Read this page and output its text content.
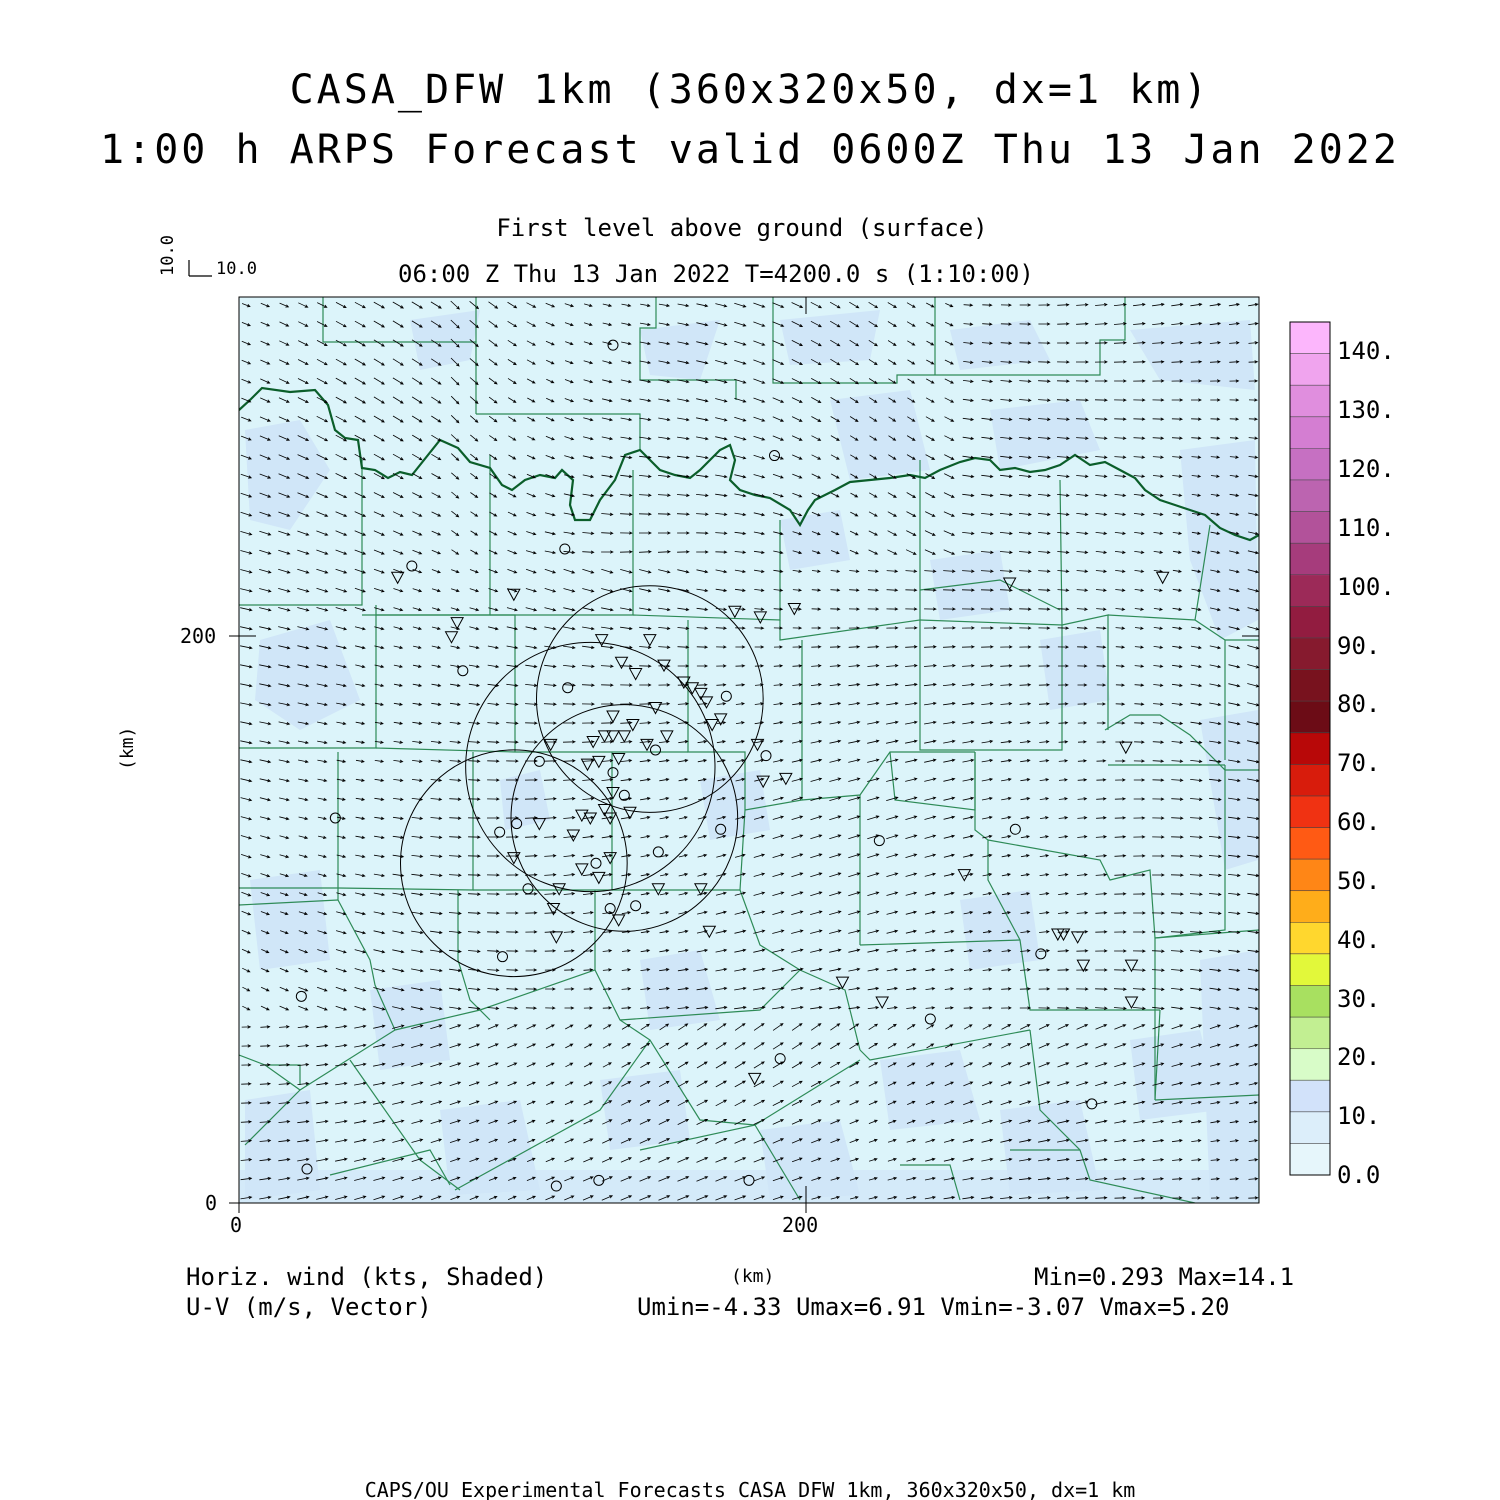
CASA_DFW 1km (360x320x50, dx=1 km)
1:00 h ARPS Forecast valid 0600Z Thu 13 Jan 2022
First level above ground (surface)
06:00 Z Thu 13 Jan 2022 T=4200.0 s (1:10:00)
10.0 10.0
(km)
0
200
0	200
(km)
Horiz. wind (kts, Shaded)
U-V (m/s, Vector)
Min=0.293 Max=14.1
Umin=-4.33 Umax=6.91 Vmin=-3.07 Vmax=5.20
CAPS/OU Experimental Forecasts CASA DFW 1km, 360x320x50, dx=1 km
140.
130.
120.
110.
100.
90.
80.
70.
60.
50.
40.
30.
20.
10.
0.0
